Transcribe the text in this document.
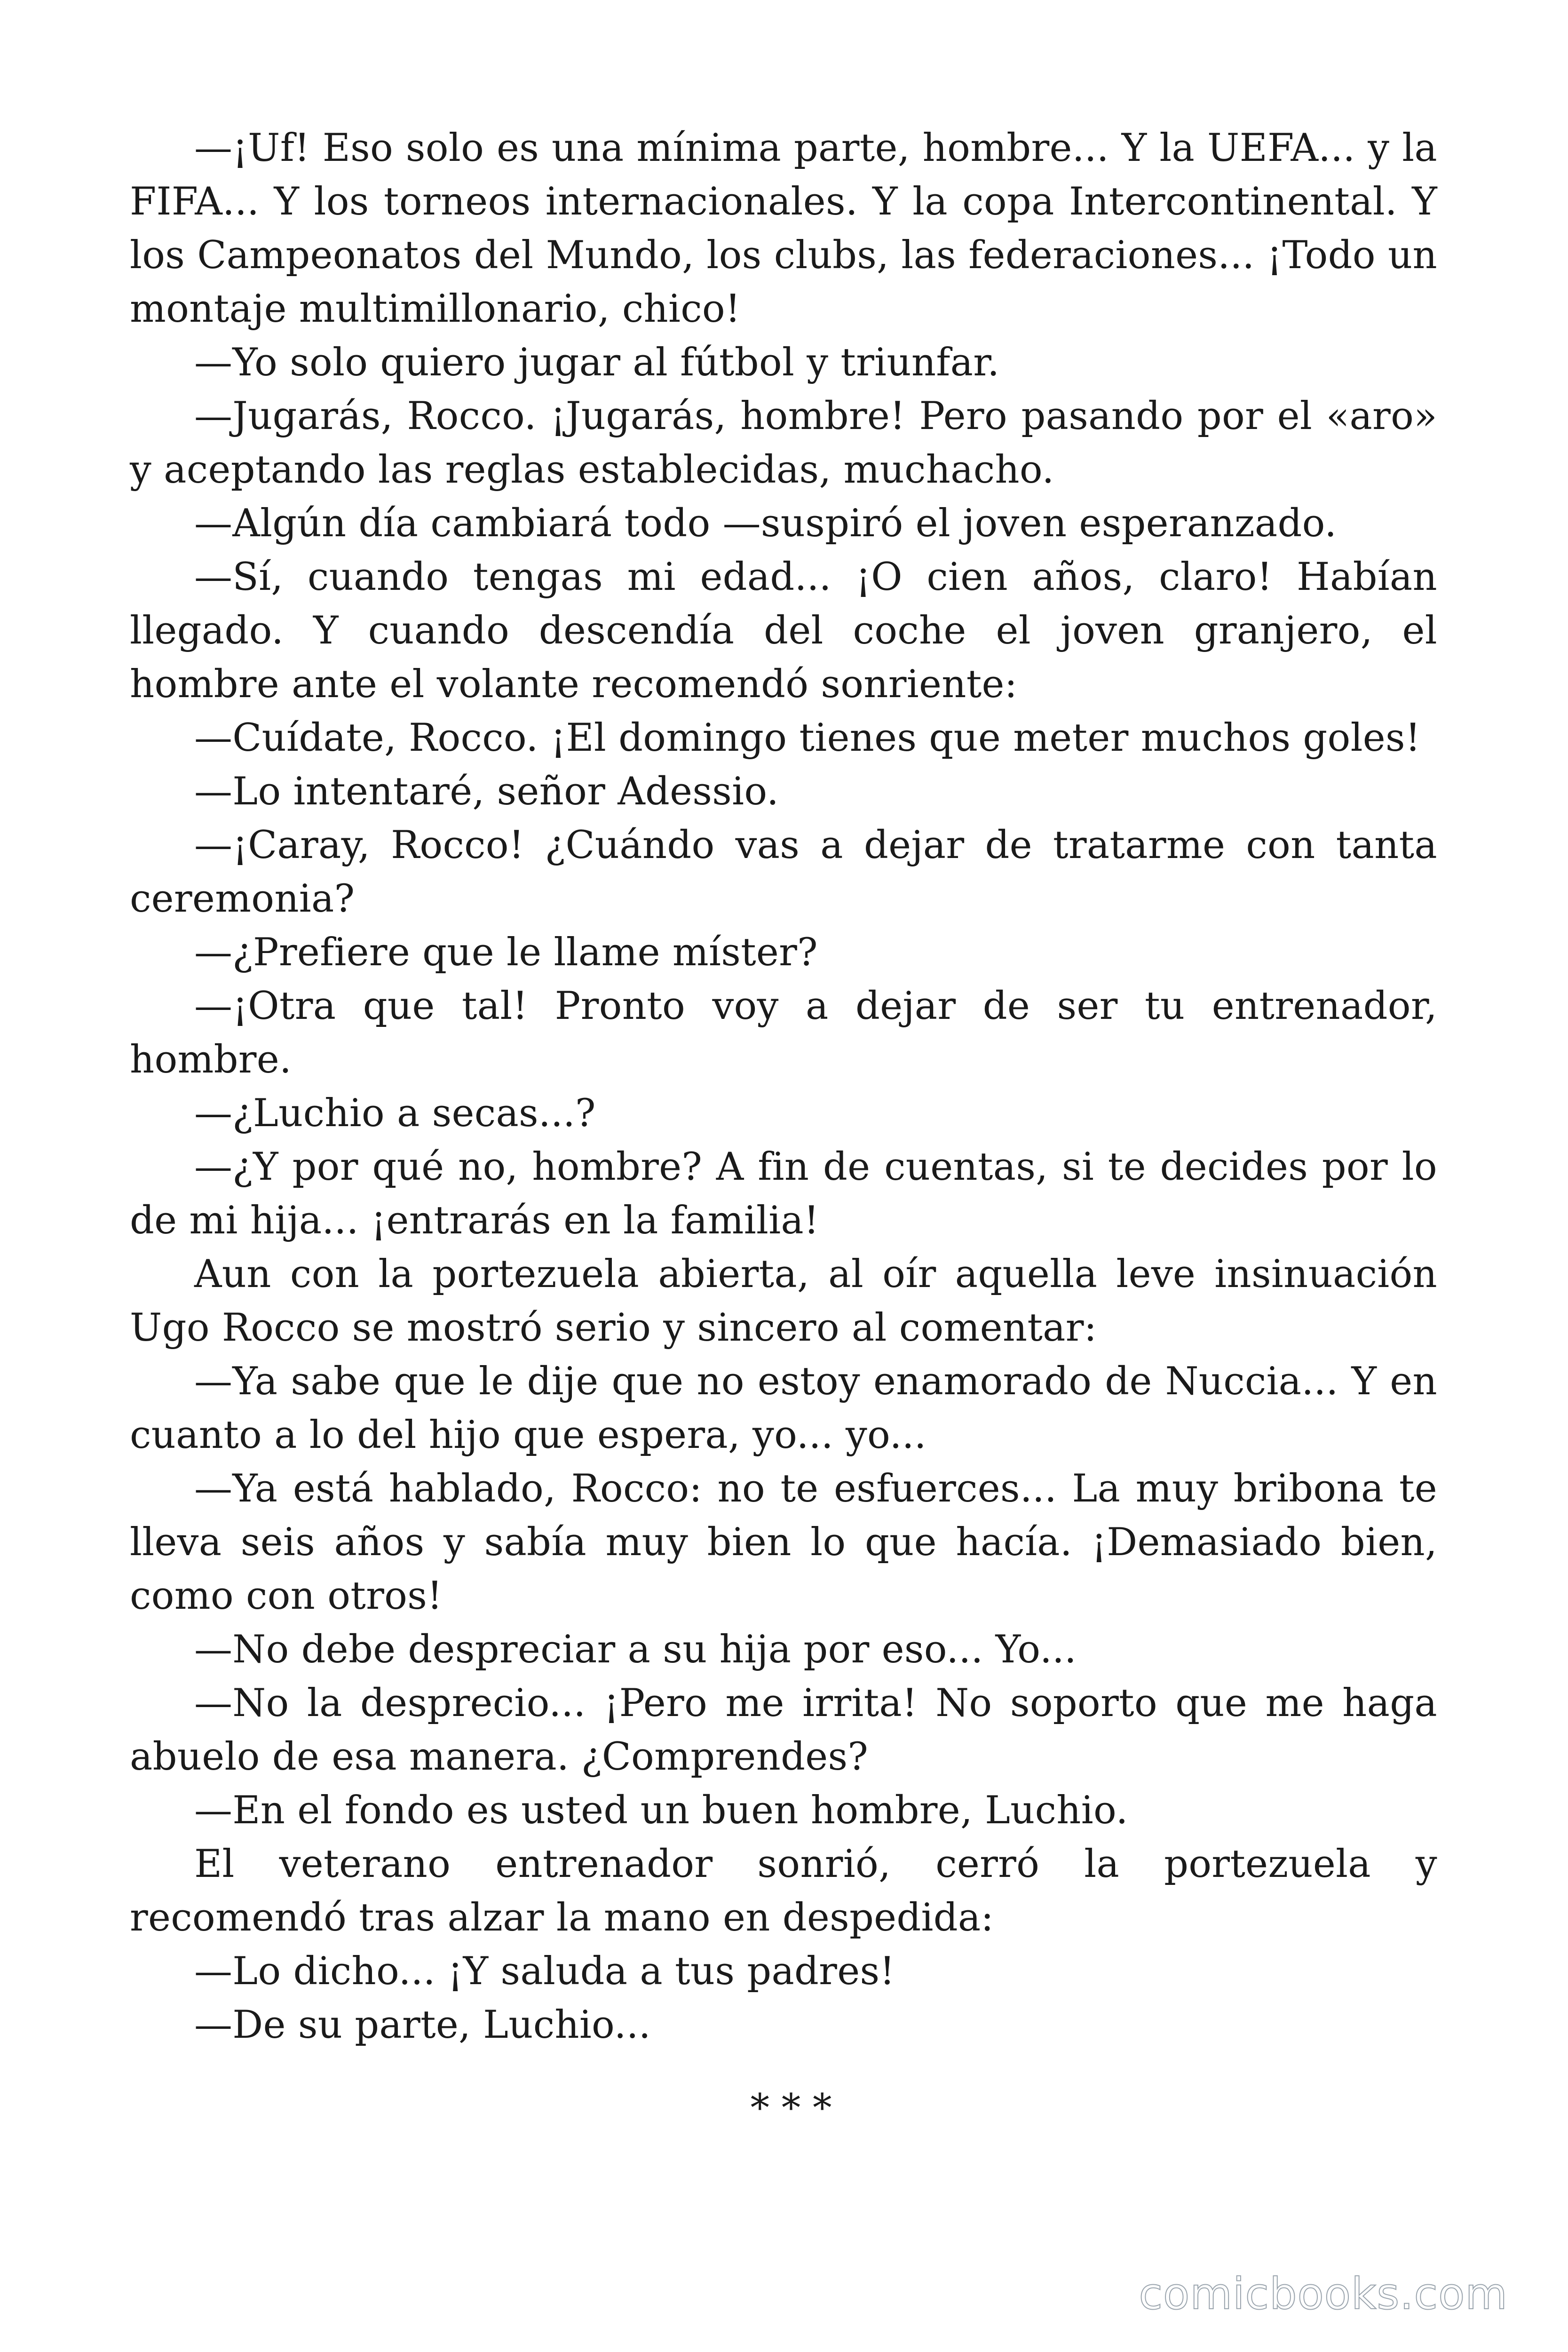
—¡Uf! Eso solo es una mínima parte, hombre... Y la UEFA... y la FIFA... Y los torneos internacionales. Y la copa Intercontinental. Y los Campeonatos del Mundo, los clubs, las federaciones... ¡Todo un montaje multimillonario, chico!

—Yo solo quiero jugar al fútbol y triunfar.

—Jugarás, Rocco. ¡Jugarás, hombre! Pero pasando por el «aro» y aceptando las reglas establecidas, muchacho.

—Algún día cambiará todo —suspiró el joven esperanzado.

—Sí, cuando tengas mi edad... ¡O cien años, claro! Habían llegado. Y cuando descendía del coche el joven granjero, el hombre ante el volante recomendó sonriente:

—Cuídate, Rocco. ¡El domingo tienes que meter muchos goles!

—Lo intentaré, señor Adessio.

—¡Caray, Rocco! ¿Cuándo vas a dejar de tratarme con tanta ceremonia?

—¿Prefiere que le llame míster?

—¡Otra que tal! Pronto voy a dejar de ser tu entrenador, hombre.

—¿Luchio a secas...?

—¿Y por qué no, hombre? A fin de cuentas, si te decides por lo de mi hija... ¡entrarás en la familia!

Aun con la portezuela abierta, al oír aquella leve insinuación Ugo Rocco se mostró serio y sincero al comentar:

—Ya sabe que le dije que no estoy enamorado de Nuccia... Y en cuanto a lo del hijo que espera, yo... yo...

—Ya está hablado, Rocco: no te esfuerces... La muy bribona te lleva seis años y sabía muy bien lo que hacía. ¡Demasiado bien, como con otros!

—No debe despreciar a su hija por eso... Yo...

—No la desprecio... ¡Pero me irrita! No soporto que me haga abuelo de esa manera. ¿Comprendes?

—En el fondo es usted un buen hombre, Luchio.

El veterano entrenador sonrió, cerró la portezuela y recomendó tras alzar la mano en despedida:

—Lo dicho... ¡Y saluda a tus padres!

—De su parte, Luchio...

* * *
comicbooks.com
